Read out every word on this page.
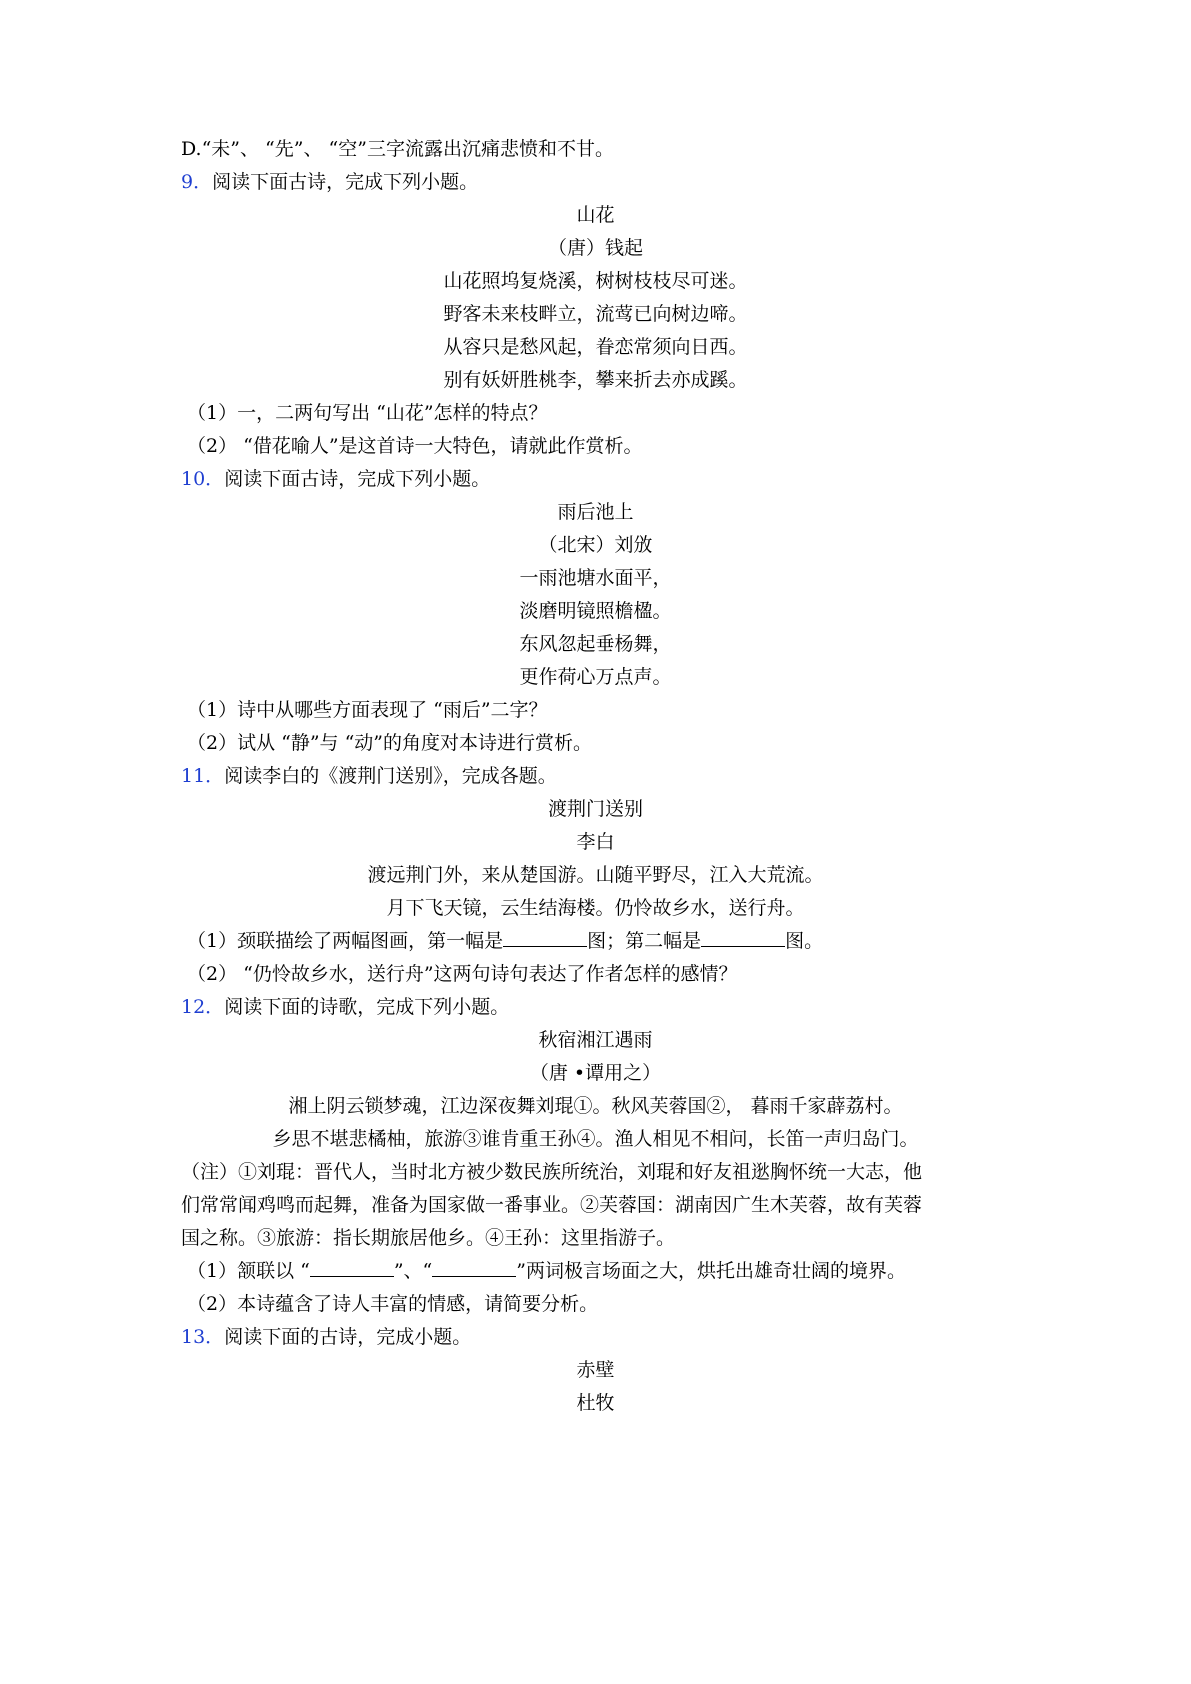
D.“未”、 “先”、 “空”三字流露出沉痛悲愤和不甘。
9．阅读下面古诗，完成下列小题。
山花
（唐）钱起
山花照坞复烧溪，树树枝枝尽可迷。
野客未来枝畔立，流莺已向树边啼。
从容只是愁风起，眷恋常须向日西。
别有妖妍胜桃李，攀来折去亦成蹊。
（1）一，二两句写出 “山花”怎样的特点？
（2） “借花喻人”是这首诗一大特色，请就此作赏析。
10．阅读下面古诗，完成下列小题。
雨后池上
（北宋）刘攽
一雨池塘水面平，
淡磨明镜照檐楹。
东风忽起垂杨舞，
更作荷心万点声。
（1）诗中从哪些方面表现了 “雨后”二字？
（2）试从 “静”与 “动”的角度对本诗进行赏析。
11．阅读李白的《渡荆门送别》，完成各题。
渡荆门送别
李白
渡远荆门外，来从楚国游。山随平野尽，江入大荒流。
月下飞天镜，云生结海楼。仍怜故乡水，送行舟。
（1）颈联描绘了两幅图画，第一幅是	图；第二幅是	图。
（2） “仍怜故乡水，送行舟”这两句诗句表达了作者怎样的感情？
12．阅读下面的诗歌，完成下列小题。
秋宿湘江遇雨
（唐 •谭用之）
湘上阴云锁梦魂，江边深夜舞刘琨①。秋风芙蓉国②， 暮雨千家薜荔村。
乡思不堪悲橘柚，旅游③谁肯重王孙④。渔人相见不相问，长笛一声归岛门。
（注）①刘琨：晋代人，当时北方被少数民族所统治，刘琨和好友祖逖胸怀统一大志，他
们常常闻鸡鸣而起舞，准备为国家做一番事业。②芙蓉国：湖南因广生木芙蓉，故有芙蓉
国之称。③旅游：指长期旅居他乡。④王孙：这里指游子。
（1）颔联以 “	”、“	”两词极言场面之大，烘托出雄奇壮阔的境界。
（2）本诗蕴含了诗人丰富的情感，请简要分析。
13．阅读下面的古诗，完成小题。
赤壁
杜牧
